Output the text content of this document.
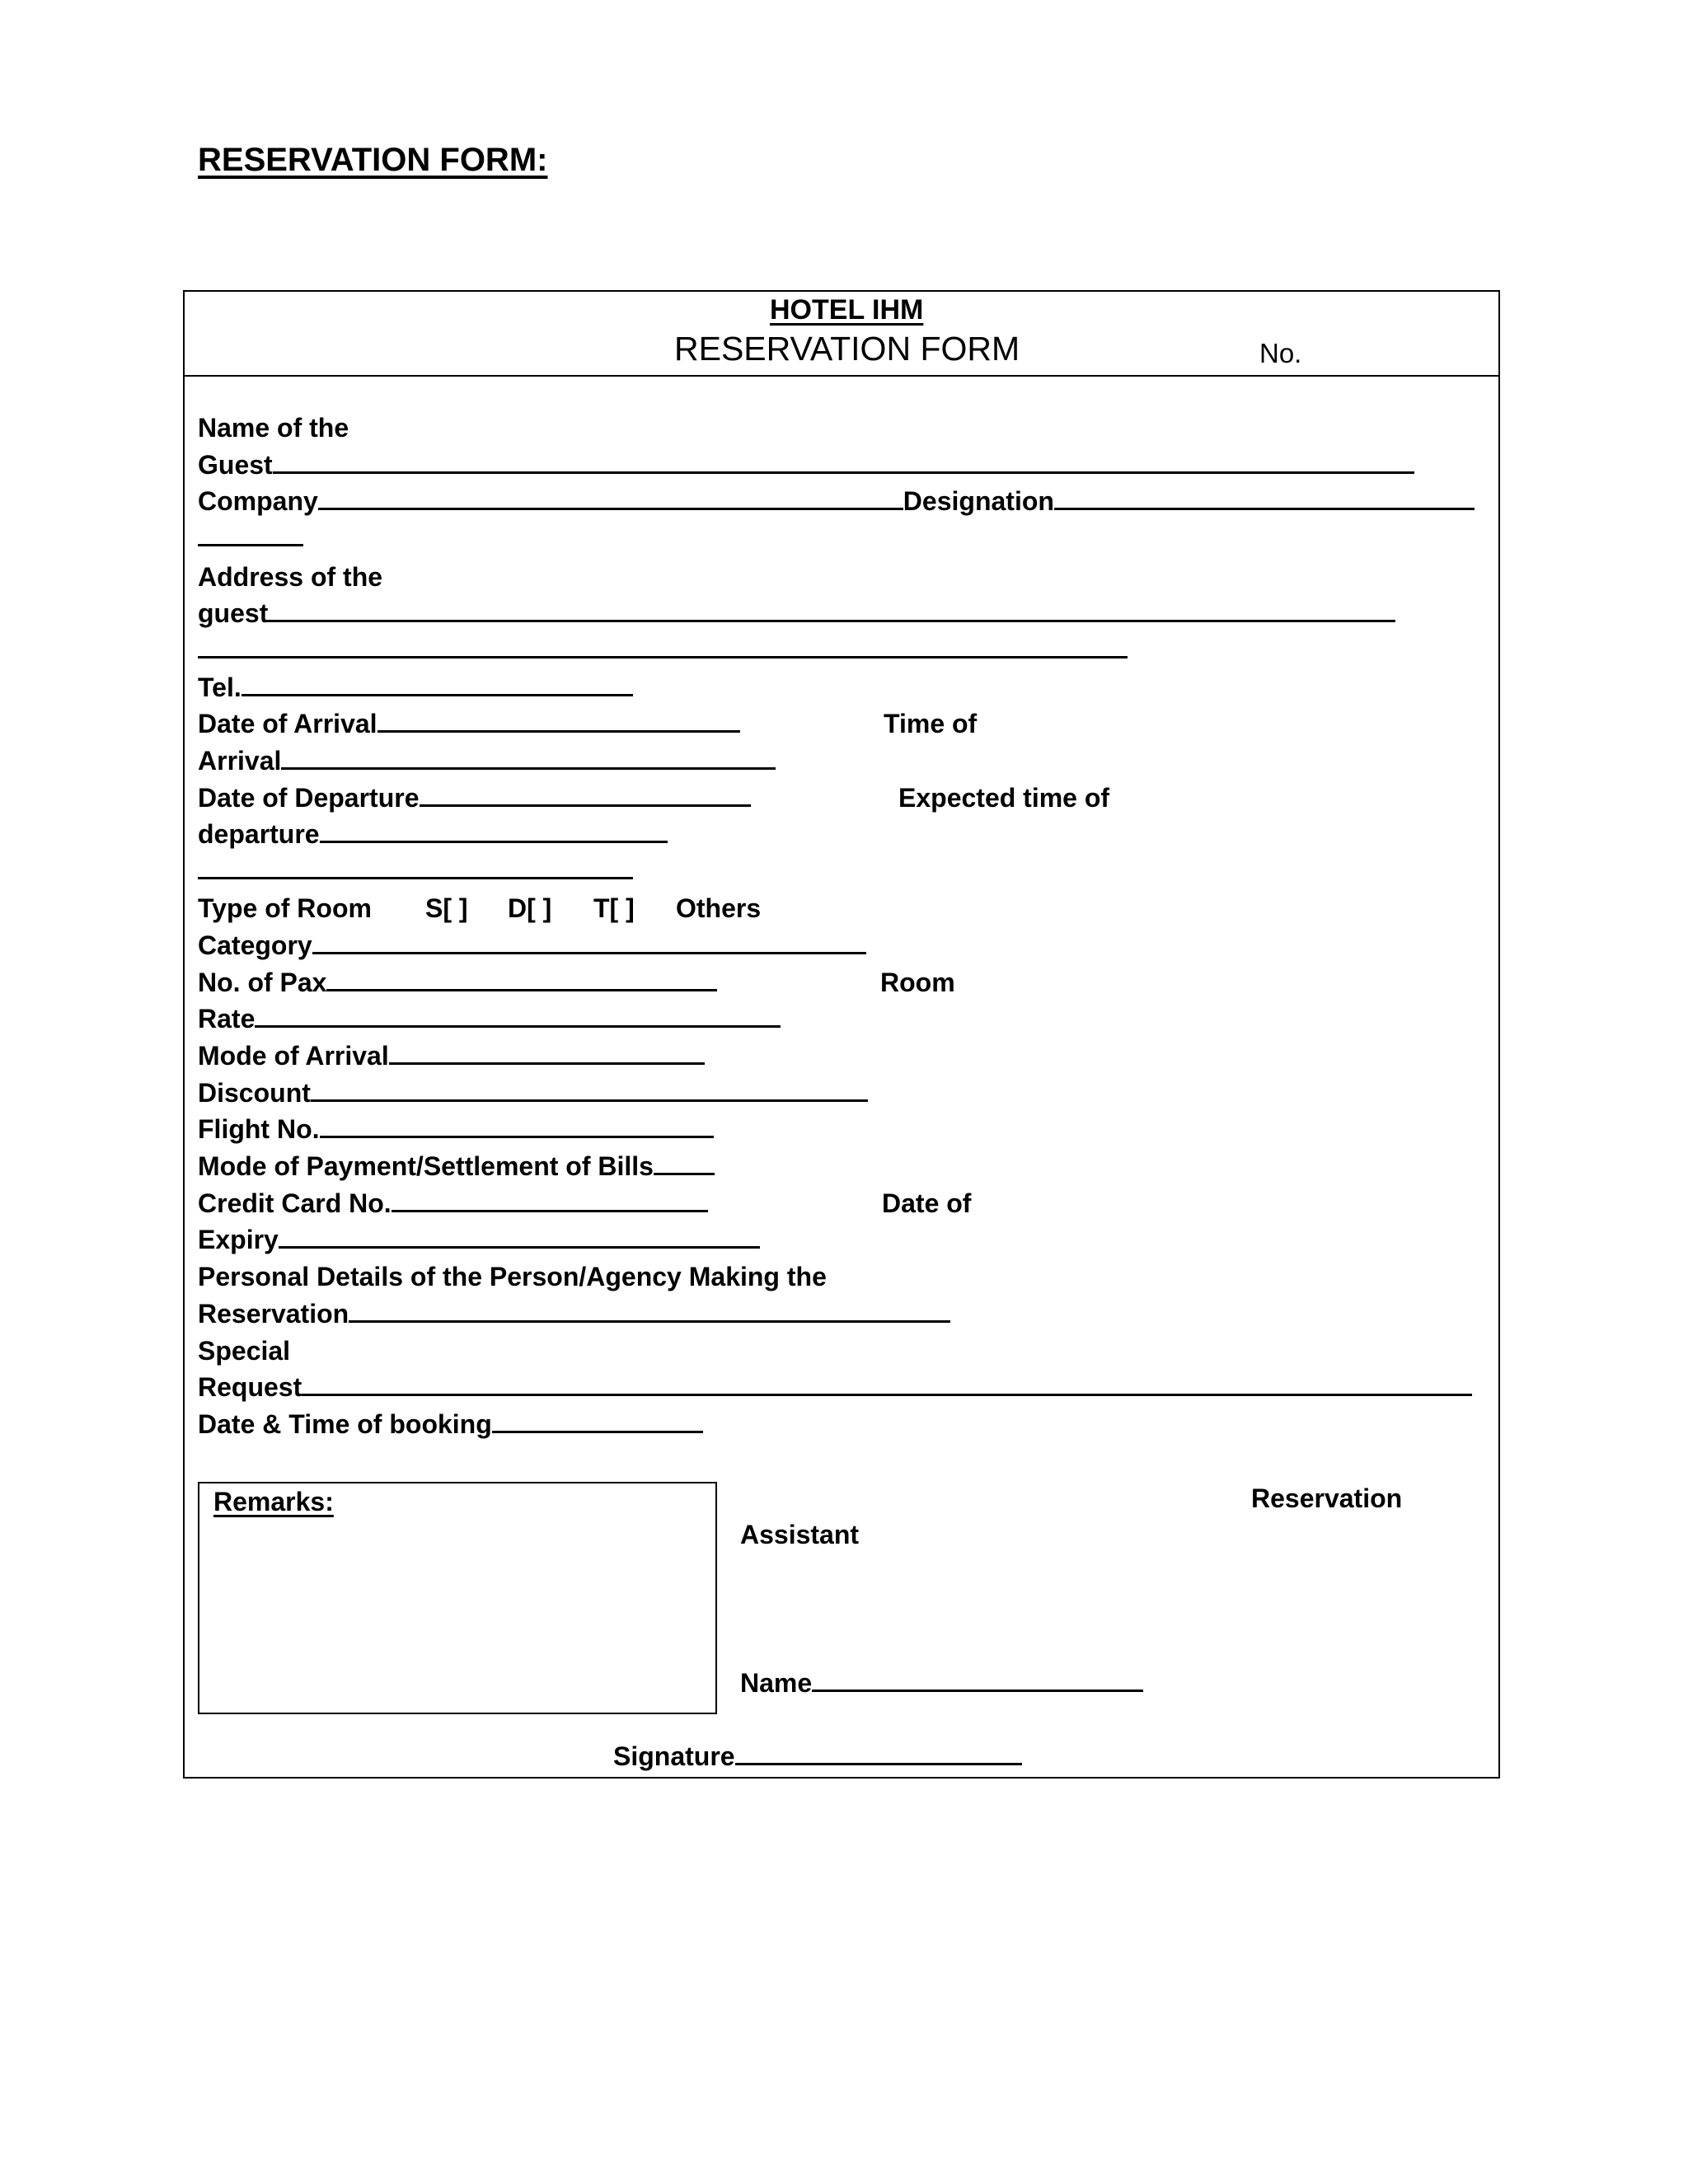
RESERVATION FORM:
HOTEL IHM
RESERVATION FORM	No.
Name of the
Guest
Company	Designation
Address of the
guest
Tel.
Date of Arrival	Time of
Arrival
Date of Departure	Expected time of
departure
Type of Room S[ ] D[ ] T[ ] Others
Category
No. of Pax	Room
Rate
Mode of Arrival
Discount
Flight No.
Mode of Payment/Settlement of Bills
Credit Card No.	Date of
Expiry
Personal Details of the Person/Agency Making the
Reservation
Special
Request
Date & Time of booking
Remarks:	Reservation
Assistant
Name
Signature
